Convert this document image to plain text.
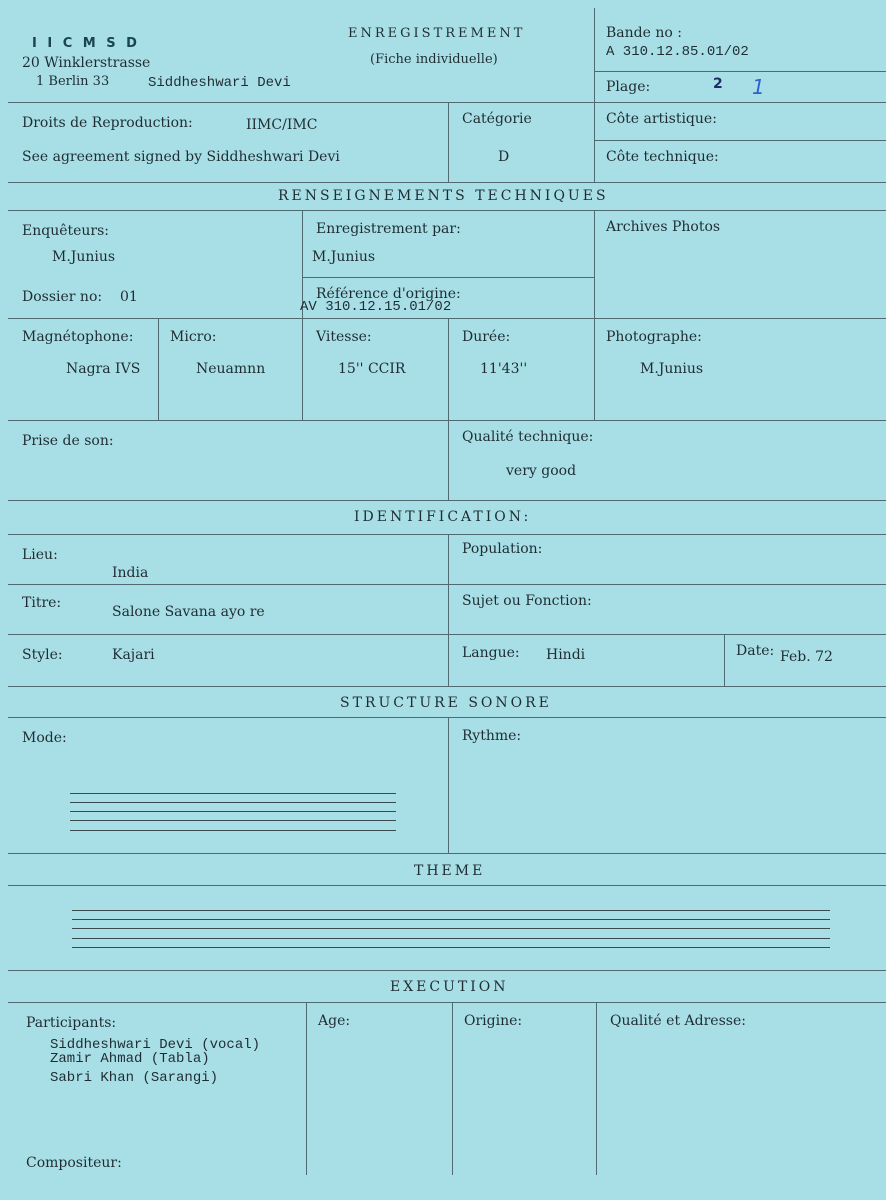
I I C M S D
20 Winklerstrasse
1 Berlin 33	Siddheshwari Devi
ENREGISTREMENT
(Fiche individuelle)
Bande no :
A 310.12.85.01/02
Plage:	2 1
Droits de Reproduction:	IIMC/IMC
See agreement signed by Siddheshwari Devi
Catégorie
D
Côte artistique:
Côte technique:
RENSEIGNEMENTS TECHNIQUES
Enquêteurs:
M.Junius
Dossier no: 01
Enregistrement par:
M.Junius
Référence d'origine:
AV 310.12.15.01/02
Archives Photos
Magnétophone:
Nagra IVS
Micro:
Neuamnn
Vitesse:
15'' CCIR
Durée:
11'43''
Photographe:
M.Junius
Prise de son:	Qualité technique:
very good
IDENTIFICATION:
Lieu:
India
Population:
Titre:
Salone Savana ayo re
Sujet ou Fonction:
Style:	Kajari	Langue: Hindi	Date: Feb. 72
STRUCTURE SONORE
Mode:	Rythme:
THEME
EXECUTION
Participants:
Siddheshwari Devi (vocal)
Zamir Ahmad (Tabla)
Sabri Khan (Sarangi)
Compositeur:
Age:	Origine:	Qualité et Adresse:
